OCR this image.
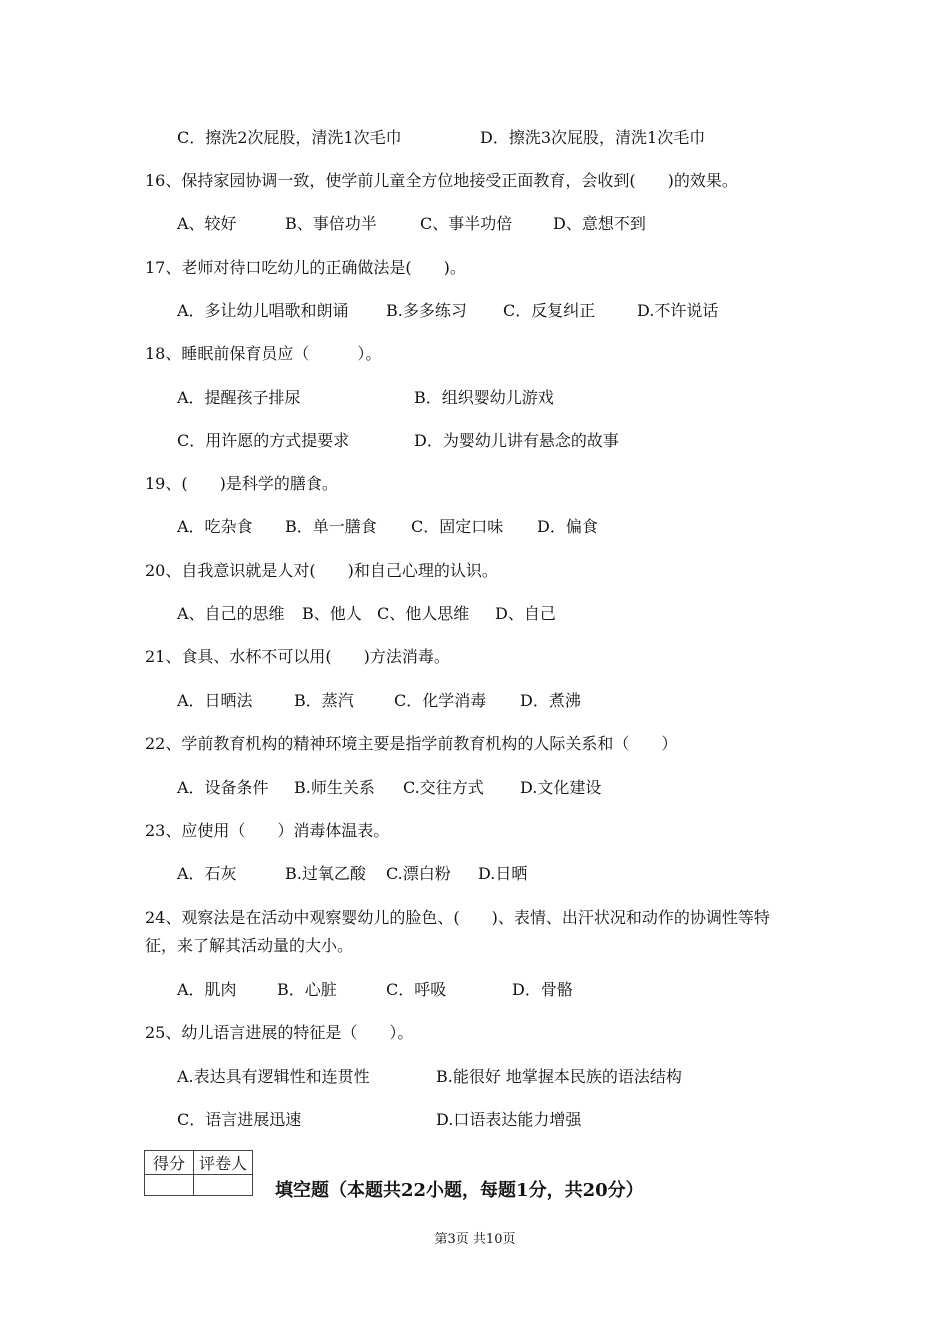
C．擦洗2次屁股，清洗1次毛巾	D．擦洗3次屁股，清洗1次毛巾
16、保持家园协调一致，使学前儿童全方位地接受正面教育，会收到(　　)的效果。
A、较好	B、事倍功半	C、事半功倍	D、意想不到
17、老师对待口吃幼儿的正确做法是(　　)。
A．多让幼儿唱歌和朗诵 B.多多练习 C．反复纠正	D.不许说话
18、睡眠前保育员应（　　　）。
A．提醒孩子排尿	B．组织婴幼儿游戏
C．用许愿的方式提要求	D．为婴幼儿讲有悬念的故事
19、(　　)是科学的膳食。
A．吃杂食 B．单一膳食 C．固定口味 D．偏食
20、自我意识就是人对(　　)和自己心理的认识。
A、自己的思维 B、他人 C、他人思维 D、自己
21、食具、水杯不可以用(　　)方法消毒。
A．日晒法	B．蒸汽	C．化学消毒 D．煮沸
22、学前教育机构的精神环境主要是指学前教育机构的人际关系和（　　）
A．设备条件 B.师生关系 C.交往方式 D.文化建设
23、应使用（　　）消毒体温表。
A．石灰	B.过氧乙酸 C.漂白粉 D.日晒
24、观察法是在活动中观察婴幼儿的脸色、(　　)、表情、出汗状况和动作的协调性等特
征，来了解其活动量的大小。
A．肌肉	B．心脏	C．呼吸	D．骨骼
25、幼儿语言进展的特征是（　　）。
A.表达具有逻辑性和连贯性	B.能很好 地掌握本民族的语法结构
C．语言进展迅速	D.口语表达能力增强
得分	评卷人

填空题（本题共22小题，每题1分，共20分）
第3页 共10页
